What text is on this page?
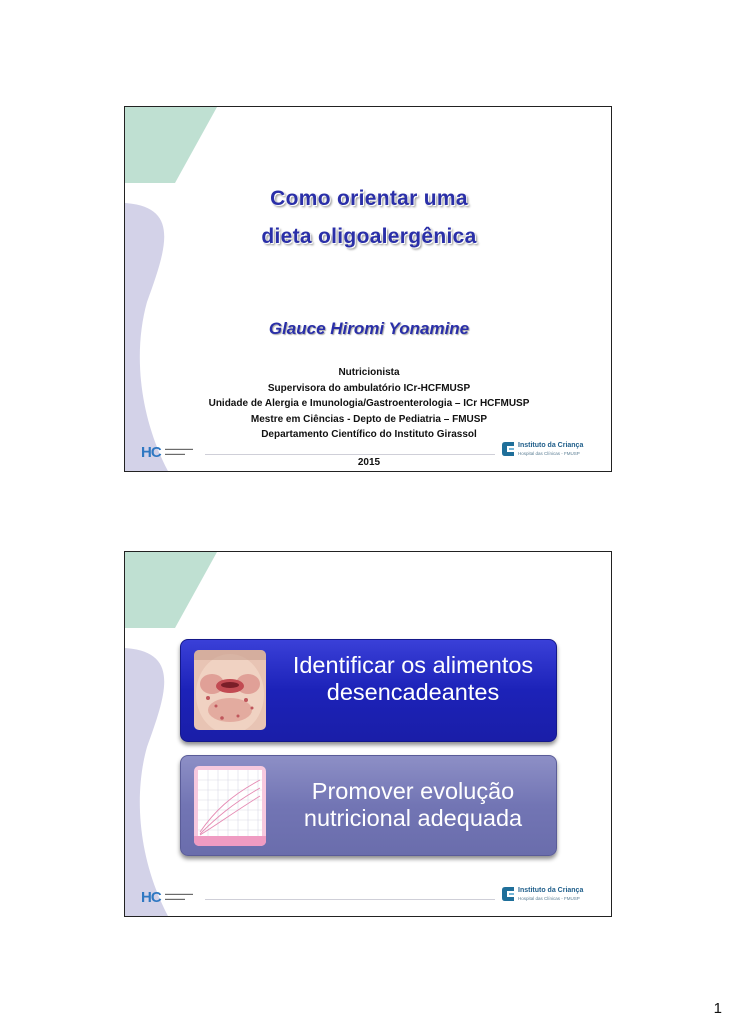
Como orientar uma
dieta oligoalergênica
Glauce Hiromi Yonamine
Nutricionista
Supervisora do ambulatório ICr-HCFMUSP
Unidade de Alergia e Imunologia/Gastroenterologia – ICr HCFMUSP
Mestre em Ciências - Depto de Pediatria – FMUSP
Departamento Científico do Instituto Girassol
HC ▬▬▬▬▬▬▬
▬▬▬▬▬
Instituto da Criança
Hospital das Clínicas - FMUSP
2015
Identificar os alimentos desencadeantes
Promover evolução nutricional adequada
HC ▬▬▬▬▬▬▬
▬▬▬▬▬
Instituto da Criança
Hospital das Clínicas - FMUSP
1
